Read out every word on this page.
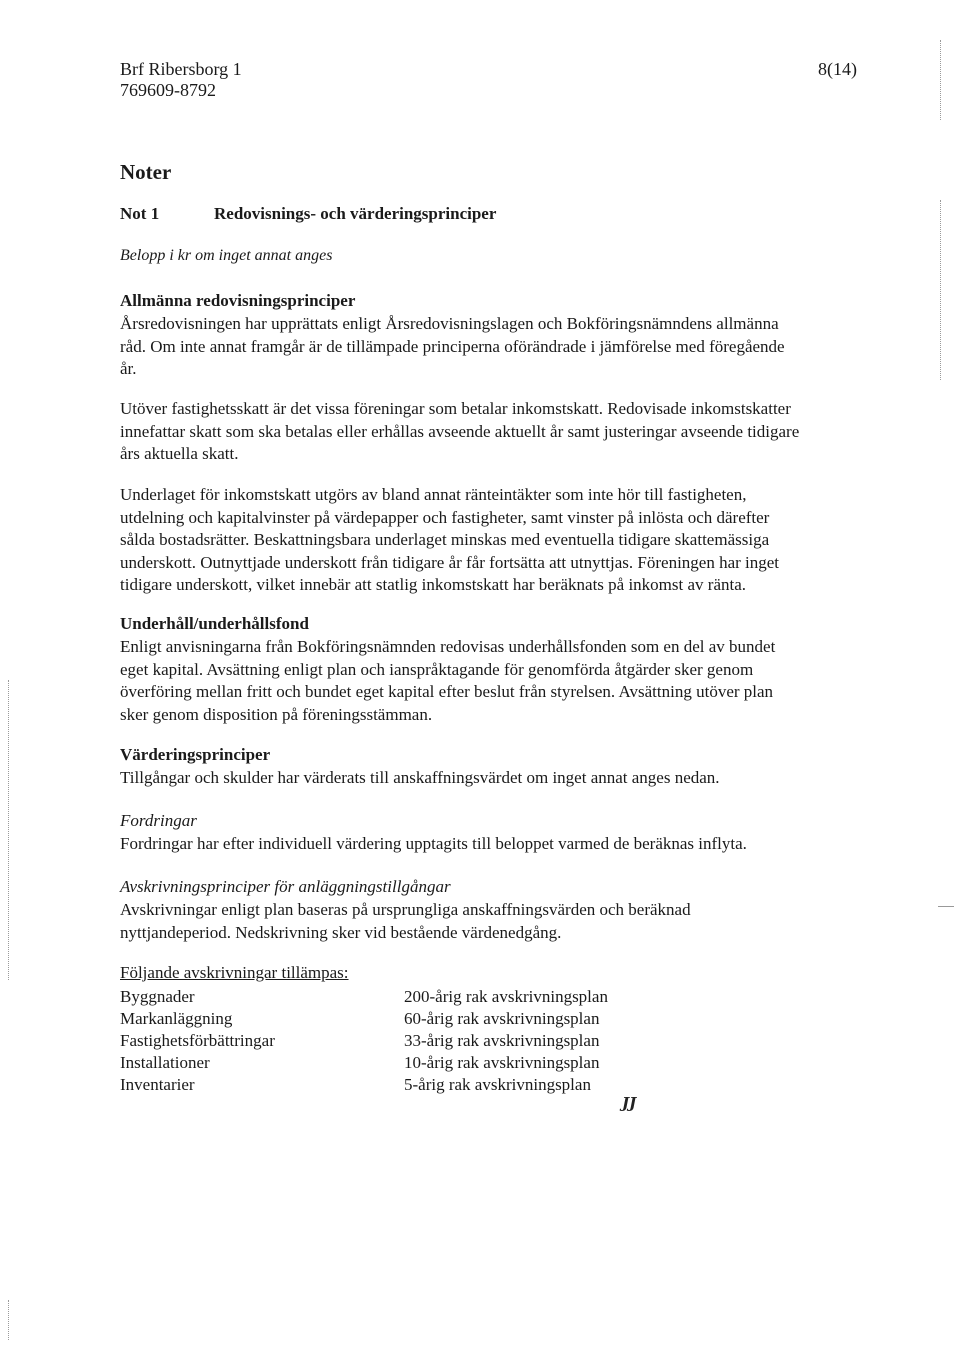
Brf Ribersborg 1
769609-8792
8(14)
Noter
Not 1	Redovisnings- och värderingsprinciper
Belopp i kr om inget annat anges
Allmänna redovisningsprinciper
Årsredovisningen har upprättats enligt Årsredovisningslagen och Bokföringsnämndens allmänna
råd. Om inte annat framgår är de tillämpade principerna oförändrade i jämförelse med föregående
år.
Utöver fastighetsskatt är det vissa föreningar som betalar inkomstskatt. Redovisade inkomstskatter
innefattar skatt som ska betalas eller erhållas avseende aktuellt år samt justeringar avseende tidigare
års aktuella skatt.
Underlaget för inkomstskatt utgörs av bland annat ränteintäkter som inte hör till fastigheten,
utdelning och kapitalvinster på värdepapper och fastigheter, samt vinster på inlösta och därefter
sålda bostadsrätter. Beskattningsbara underlaget minskas med eventuella tidigare skattemässiga
underskott. Outnyttjade underskott från tidigare år får fortsätta att utnyttjas. Föreningen har inget
tidigare underskott, vilket innebär att statlig inkomstskatt har beräknats på inkomst av ränta.
Underhåll/underhållsfond
Enligt anvisningarna från Bokföringsnämnden redovisas underhållsfonden som en del av bundet
eget kapital. Avsättning enligt plan och ianspråktagande för genomförda åtgärder sker genom
överföring mellan fritt och bundet eget kapital efter beslut från styrelsen. Avsättning utöver plan
sker genom disposition på föreningsstämman.
Värderingsprinciper
Tillgångar och skulder har värderats till anskaffningsvärdet om inget annat anges nedan.
Fordringar
Fordringar har efter individuell värdering upptagits till beloppet varmed de beräknas inflyta.
Avskrivningsprinciper för anläggningstillgångar
Avskrivningar enligt plan baseras på ursprungliga anskaffningsvärden och beräknad
nyttjandeperiod. Nedskrivning sker vid bestående värdenedgång.
Följande avskrivningar tillämpas:
Byggnader	200-årig rak avskrivningsplan
Markanläggning	60-årig rak avskrivningsplan
Fastighetsförbättringar	33-årig rak avskrivningsplan
Installationer	10-årig rak avskrivningsplan
Inventarier	5-årig rak avskrivningsplan
JJ
